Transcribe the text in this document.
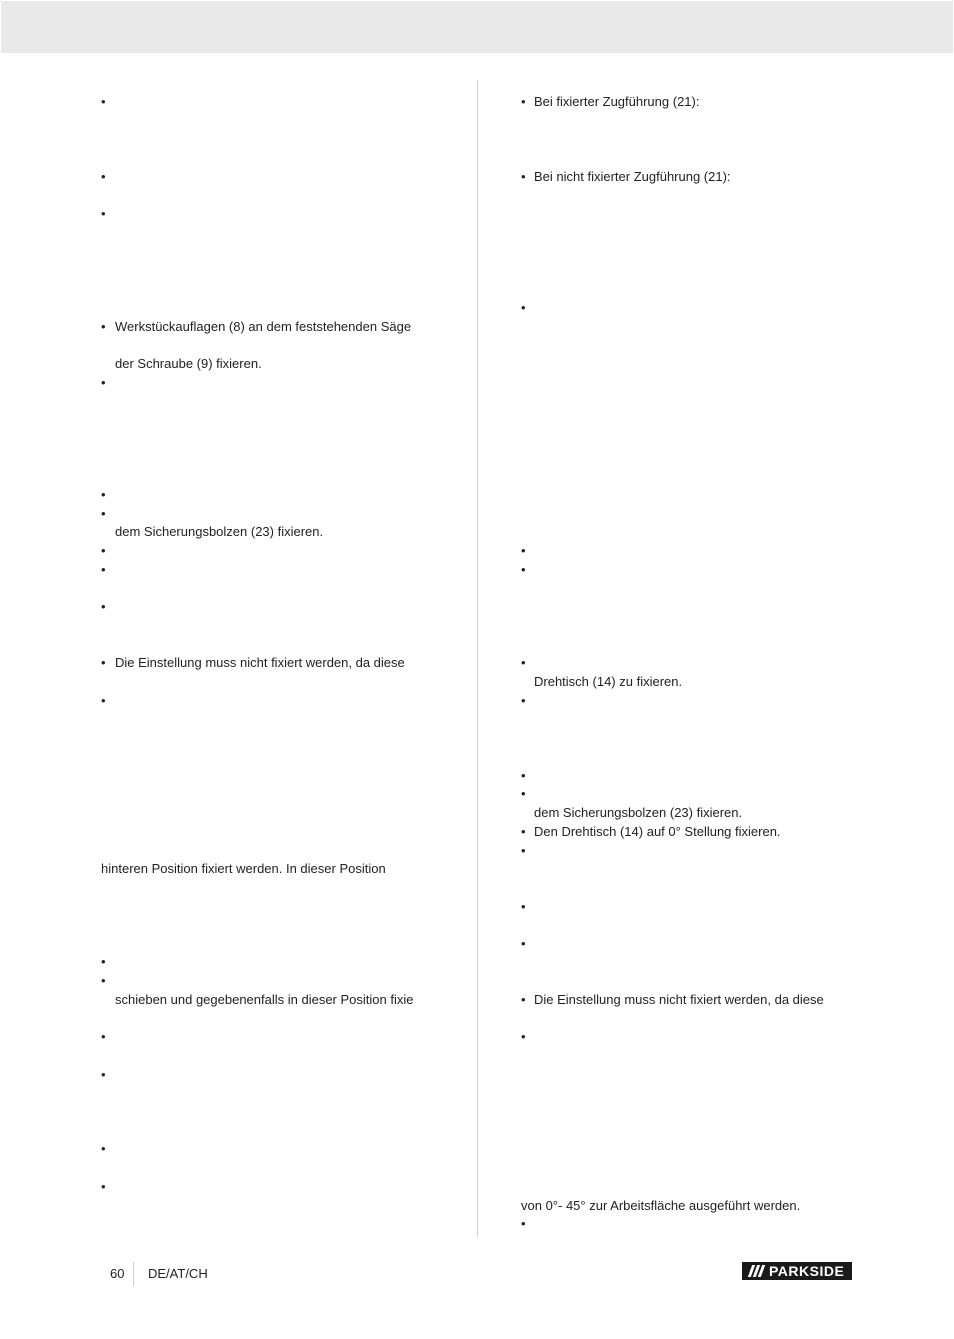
•
•
•
•
•
•
•
•
•
•
•
•
•
•
•
•
•
•
Werkstückauflagen (8) an dem feststehenden Säge
der Schraube (9) fixieren.
dem Sicherungsbolzen (23) fixieren.
Die Einstellung muss nicht fixiert werden, da diese
hinteren Position fixiert werden. In dieser Position
schieben und gegebenenfalls in dieser Position fixie
•
•
•
•
•
•
•
•
•
•
•
•
•
•
•
•
Bei fixierter Zugführung (21):
Bei nicht fixierter Zugführung (21):
Drehtisch (14) zu fixieren.
dem Sicherungsbolzen (23) fixieren.
Den Drehtisch (14) auf 0° Stellung fixieren.
Die Einstellung muss nicht fixiert werden, da diese
von 0°- 45° zur Arbeitsfläche ausgeführt werden.
60 DE/AT/CH	PARKSIDE
